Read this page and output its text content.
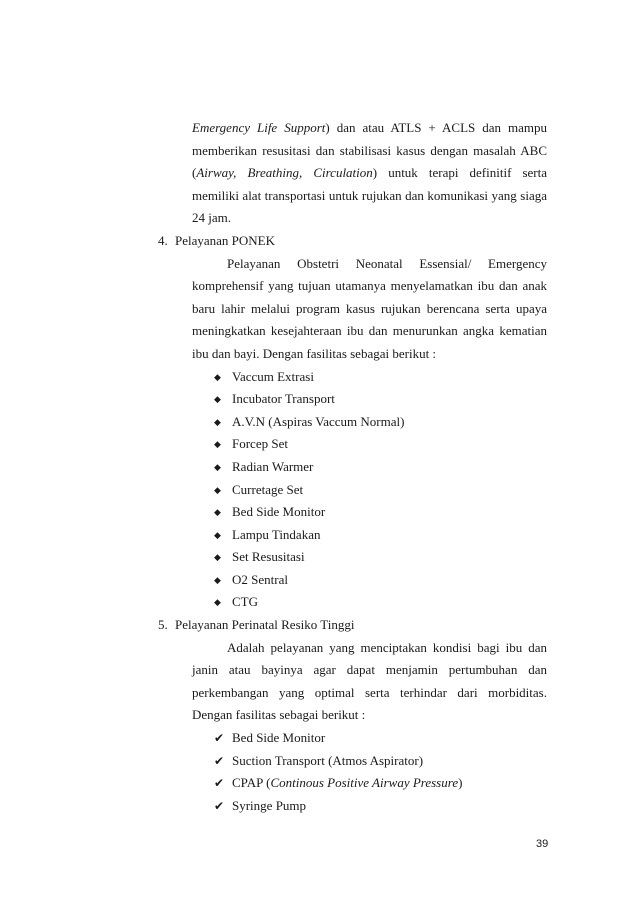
Emergency Life Support) dan atau ATLS + ACLS dan mampu memberikan resusitasi dan stabilisasi kasus dengan masalah ABC (Airway, Breathing, Circulation) untuk terapi definitif serta memiliki alat transportasi untuk rujukan dan komunikasi yang siaga 24 jam.
4. Pelayanan PONEK
Pelayanan Obstetri Neonatal Essensial/ Emergency komprehensif yang tujuan utamanya menyelamatkan ibu dan anak baru lahir melalui program kasus rujukan berencana serta upaya meningkatkan kesejahteraan ibu dan menurunkan angka kematian ibu dan bayi. Dengan fasilitas sebagai berikut :
◆ Vaccum Extrasi
◆ Incubator Transport
◆ A.V.N (Aspiras Vaccum Normal)
◆ Forcep Set
◆ Radian Warmer
◆ Curretage Set
◆ Bed Side Monitor
◆ Lampu Tindakan
◆ Set Resusitasi
◆ O2 Sentral
◆ CTG
5. Pelayanan Perinatal Resiko Tinggi
Adalah pelayanan yang menciptakan kondisi bagi ibu dan janin atau bayinya agar dapat menjamin pertumbuhan dan perkembangan yang optimal serta terhindar dari morbiditas. Dengan fasilitas sebagai berikut :
✔ Bed Side Monitor
✔ Suction Transport (Atmos Aspirator)
✔ CPAP (Continous Positive Airway Pressure)
✔ Syringe Pump
39
